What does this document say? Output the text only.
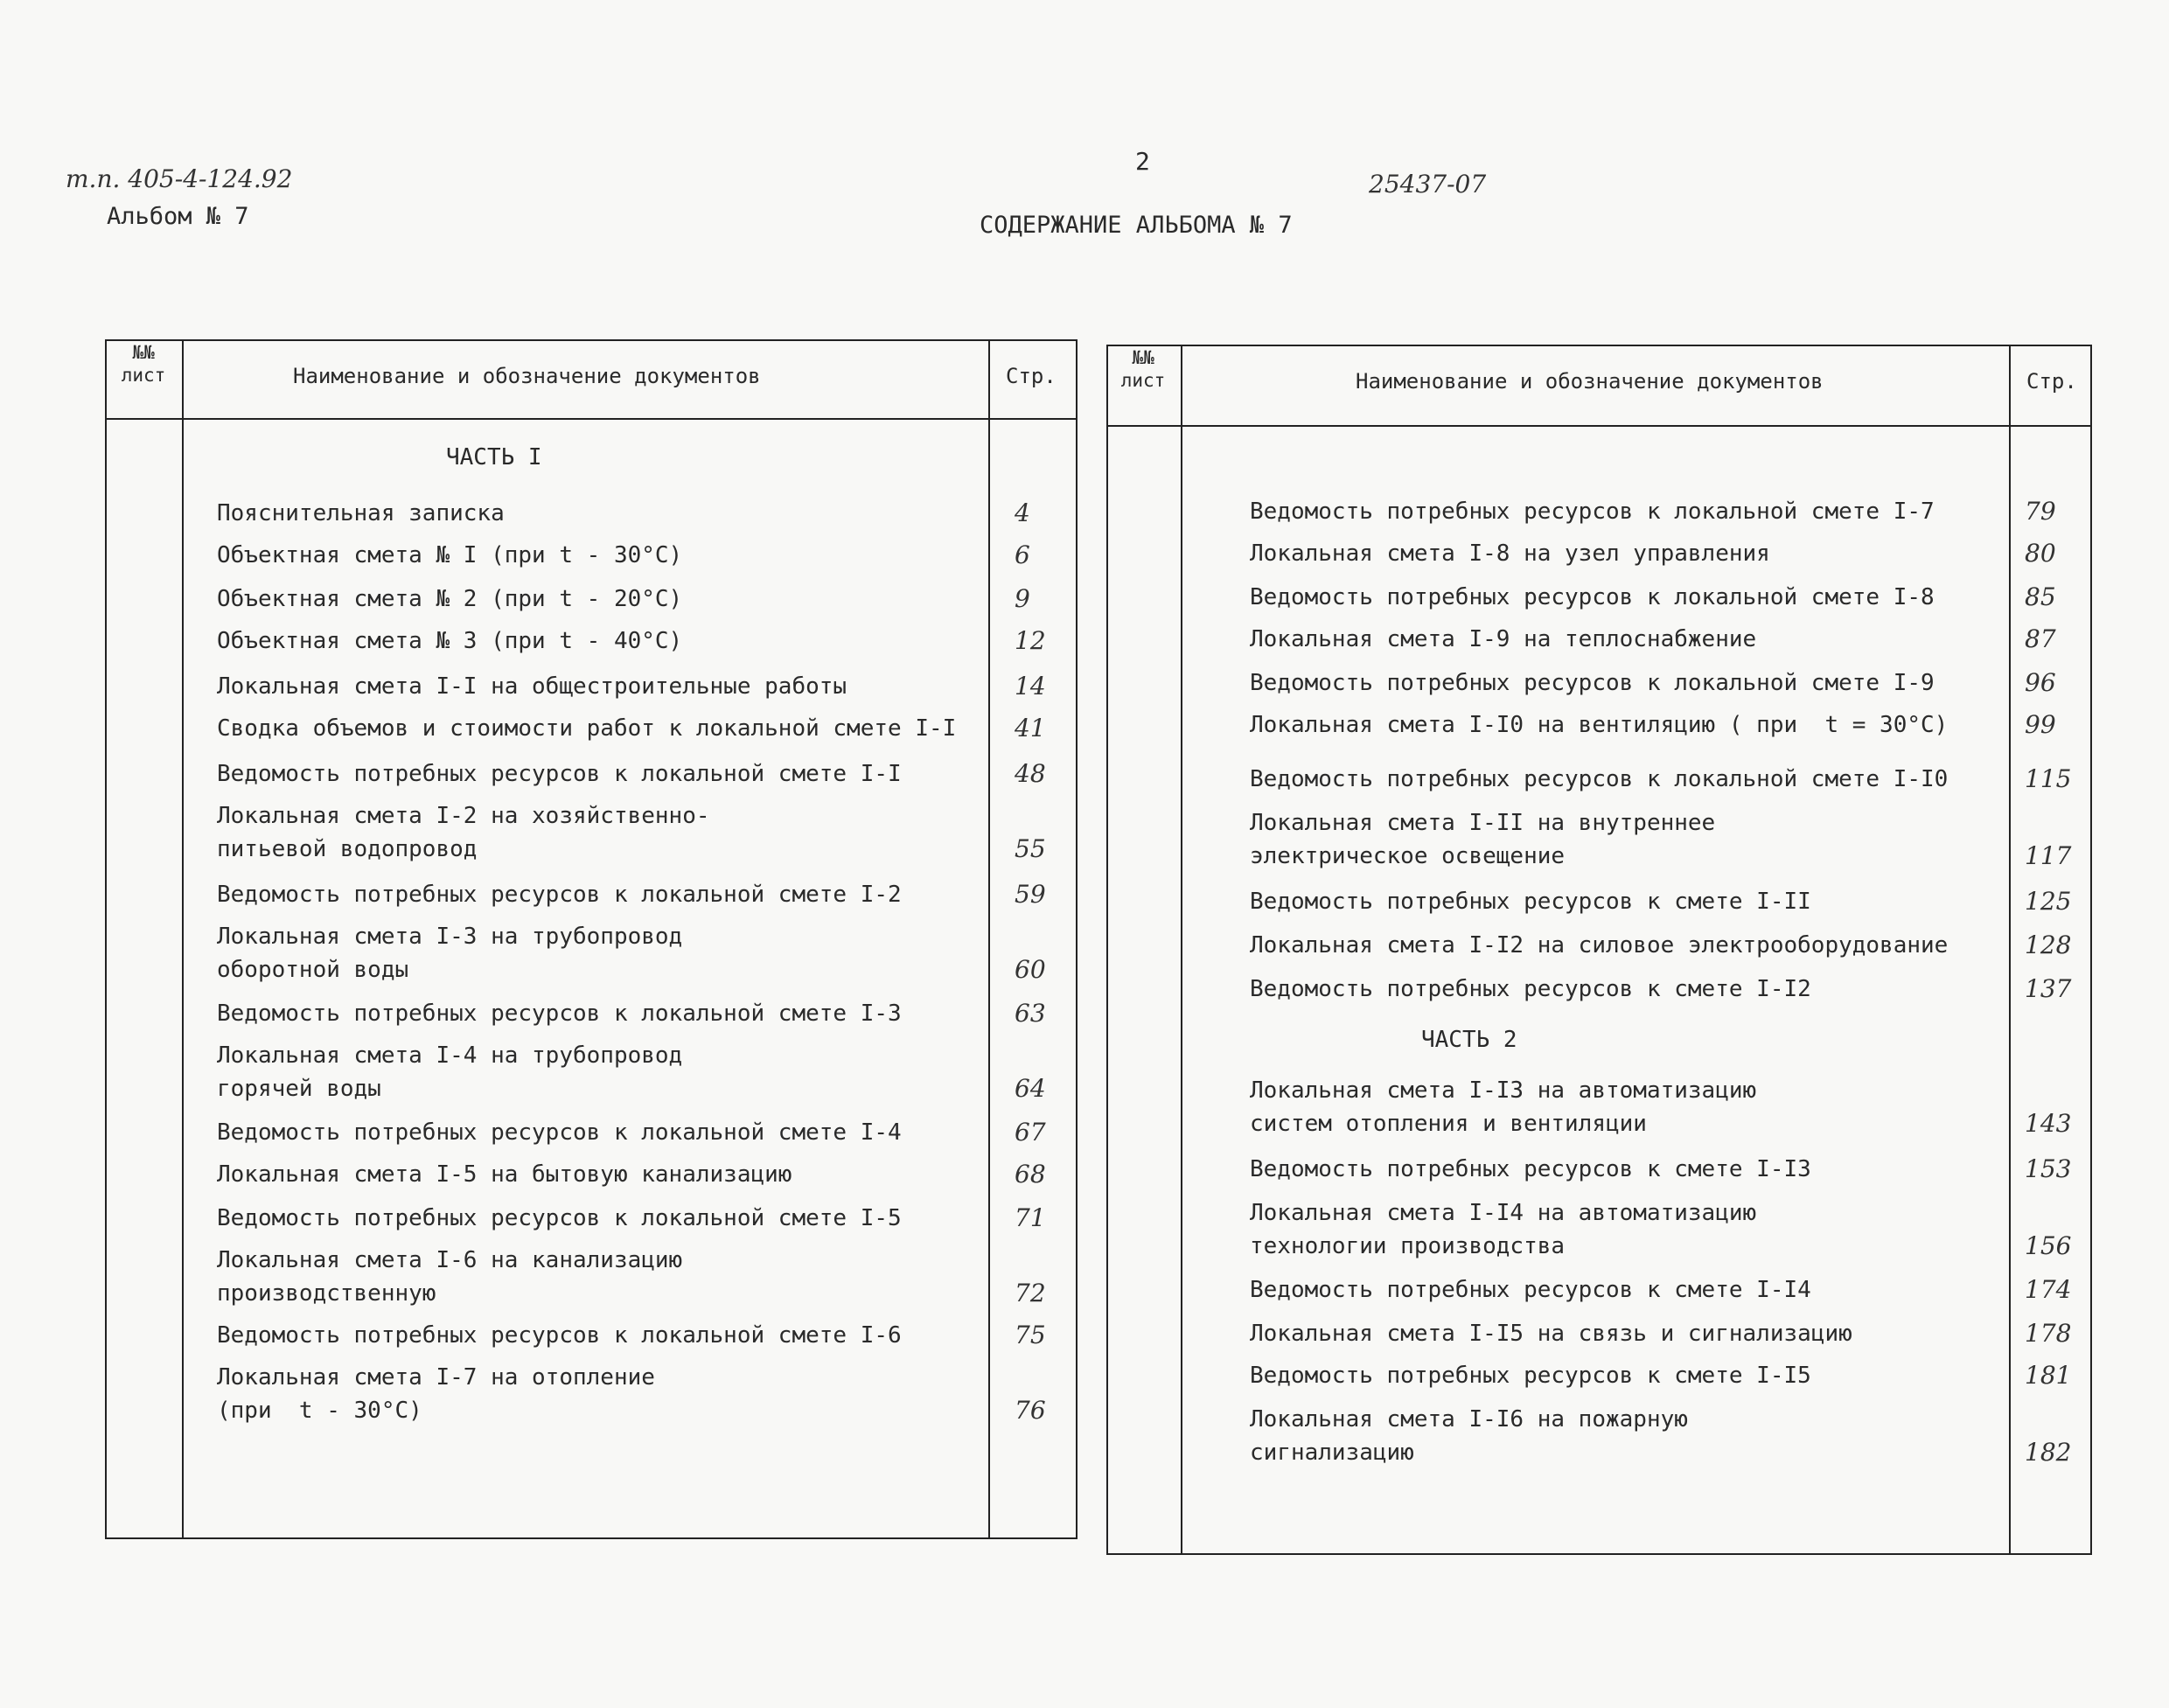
т.п. 405-4-124.92
Альбом № 7
2
25437-07
СОДЕРЖАНИЕ АЛЬБОМА № 7
№№ лист	Наименование и обозначение документов	Стр.
ЧАСТЬ I
Пояснительная записка	4
Объектная смета № I (при t - 30°С)	6
Объектная смета № 2 (при t - 20°С)	9
Объектная смета № 3 (при t - 40°С)	12
Локальная смета I-I на общестроительные работы	14
Сводка объемов и стоимости работ к локальной смете I-I 41
Ведомость потребных ресурсов к локальной смете I-I	48
Локальная смета I-2 на хозяйственно-
питьевой водопровод	55
Ведомость потребных ресурсов к локальной смете I-2	59
Локальная смета I-3 на трубопровод
оборотной воды	60
Ведомость потребных ресурсов к локальной смете I-3	63
Локальная смета I-4 на трубопровод
горячей воды	64
Ведомость потребных ресурсов к локальной смете I-4	67
Локальная смета I-5 на бытовую канализацию	68
Ведомость потребных ресурсов к локальной смете I-5	71
Локальная смета I-6 на канализацию
производственную	72
Ведомость потребных ресурсов к локальной смете I-6	75
Локальная смета I-7 на отопление
(при  t - 30°С)	76
№№ лист	Наименование и обозначение документов	Стр.
ЧАСТЬ 2
Ведомость потребных ресурсов к локальной смете I-7	79
Локальная смета I-8 на узел управления	80
Ведомость потребных ресурсов к локальной смете I-8	85
Локальная смета I-9 на теплоснабжение	87
Ведомость потребных ресурсов к локальной смете I-9	96
Локальная смета I-I0 на вентиляцию ( при  t = 30°С)	99
Ведомость потребных ресурсов к локальной смете I-I0	115
Локальная смета I-II на внутреннее
электрическое освещение	117
Ведомость потребных ресурсов к смете I-II	125
Локальная смета I-I2 на силовое электрооборудование	128
Ведомость потребных ресурсов к смете I-I2	137
Локальная смета I-I3 на автоматизацию
систем отопления и вентиляции	143
Ведомость потребных ресурсов к смете I-I3	153
Локальная смета I-I4 на автоматизацию
технологии производства	156
Ведомость потребных ресурсов к смете I-I4	174
Локальная смета I-I5 на связь и сигнализацию	178
Ведомость потребных ресурсов к смете I-I5	181
Локальная смета I-I6 на пожарную
сигнализацию	182
